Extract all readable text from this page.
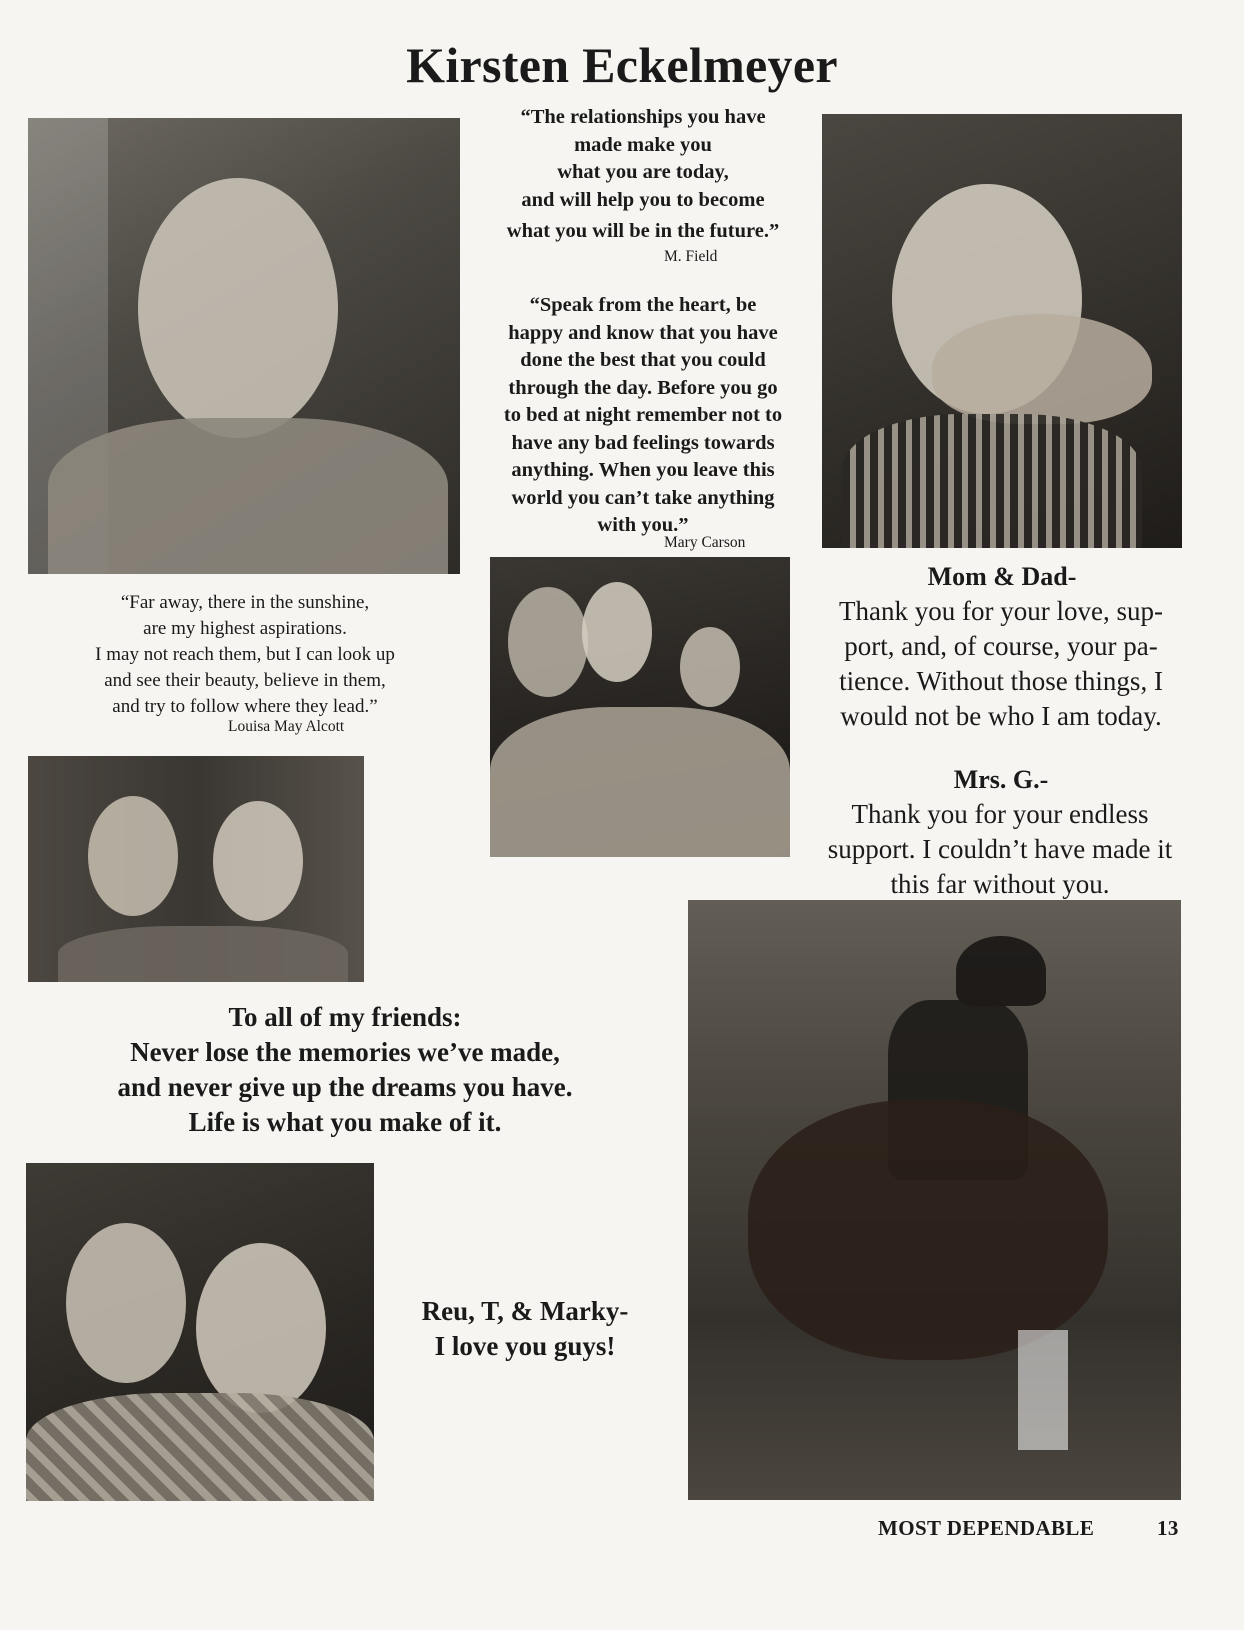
Kirsten Eckelmeyer
“The relationships you have
made make you
what you are today,
and will help you to become
what you will be in the future.”
M. Field
“Speak from the heart, be
happy and know that you have
done the best that you could
through the day. Before you go
to bed at night remember not to
have any bad feelings towards
anything. When you leave this
world you can’t take anything
with you.”
Mary Carson
“Far away, there in the sunshine,
are my highest aspirations.
I may not reach them, but I can look up
and see their beauty, believe in them,
and try to follow where they lead.”
Louisa May Alcott
Mom & Dad-
Thank you for your love, sup-
port, and, of course, your pa-
tience. Without those things, I
would not be who I am today.
Mrs. G.-
Thank you for your endless
support. I couldn’t have made it
this far without you.
To all of my friends:
Never lose the memories we’ve made,
and never give up the dreams you have.
Life is what you make of it.
Reu, T, & Marky-
I love you guys!
MOST DEPENDABLE	13
